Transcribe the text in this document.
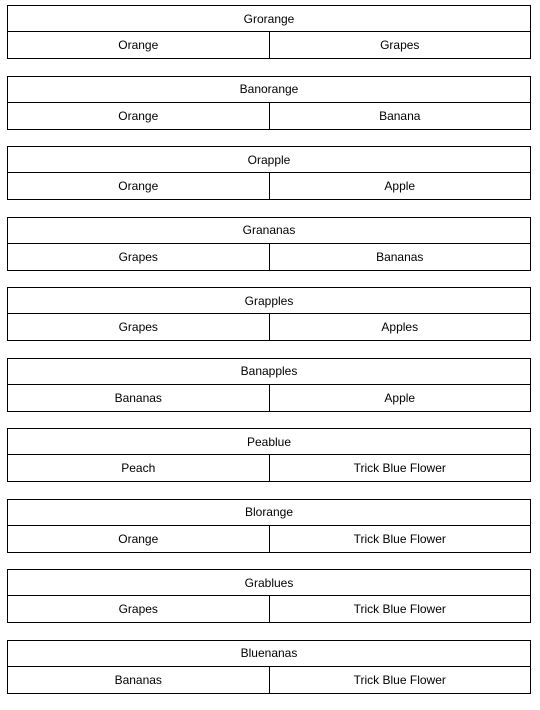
Grorange
Orange	Grapes
Banorange
Orange	Banana
Orapple
Orange	Apple
Grananas
Grapes	Bananas
Grapples
Grapes	Apples
Banapples
Bananas	Apple
Peablue
Peach	Trick Blue Flower
Blorange
Orange	Trick Blue Flower
Grablues
Grapes	Trick Blue Flower
Bluenanas
Bananas	Trick Blue Flower
